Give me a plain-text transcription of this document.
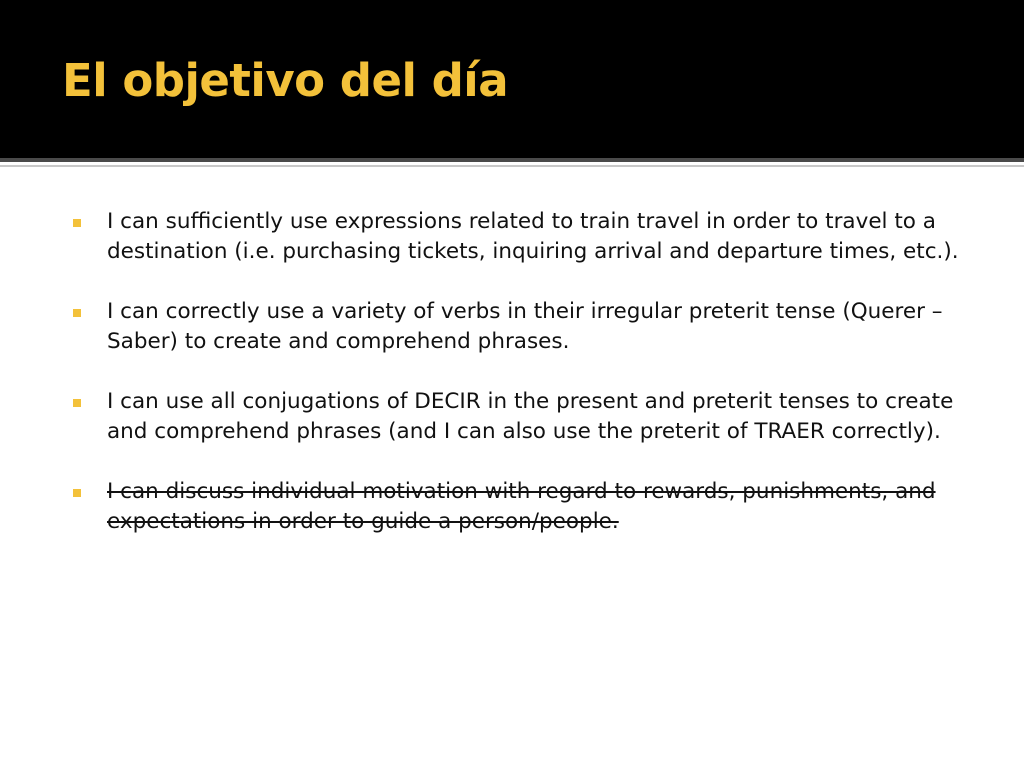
El objetivo del día
I can sufficiently use expressions related to train travel in order to travel to a destination (i.e. purchasing tickets, inquiring arrival and departure times, etc.).
I can correctly use a variety of verbs in their irregular preterit tense (Querer –Saber) to create and comprehend phrases.
I can use all conjugations of DECIR in the present and preterit tenses to create and comprehend phrases (and I can also use the preterit of TRAER correctly).
I can discuss individual motivation with regard to rewards, punishments, and expectations in order to guide a person/people.
